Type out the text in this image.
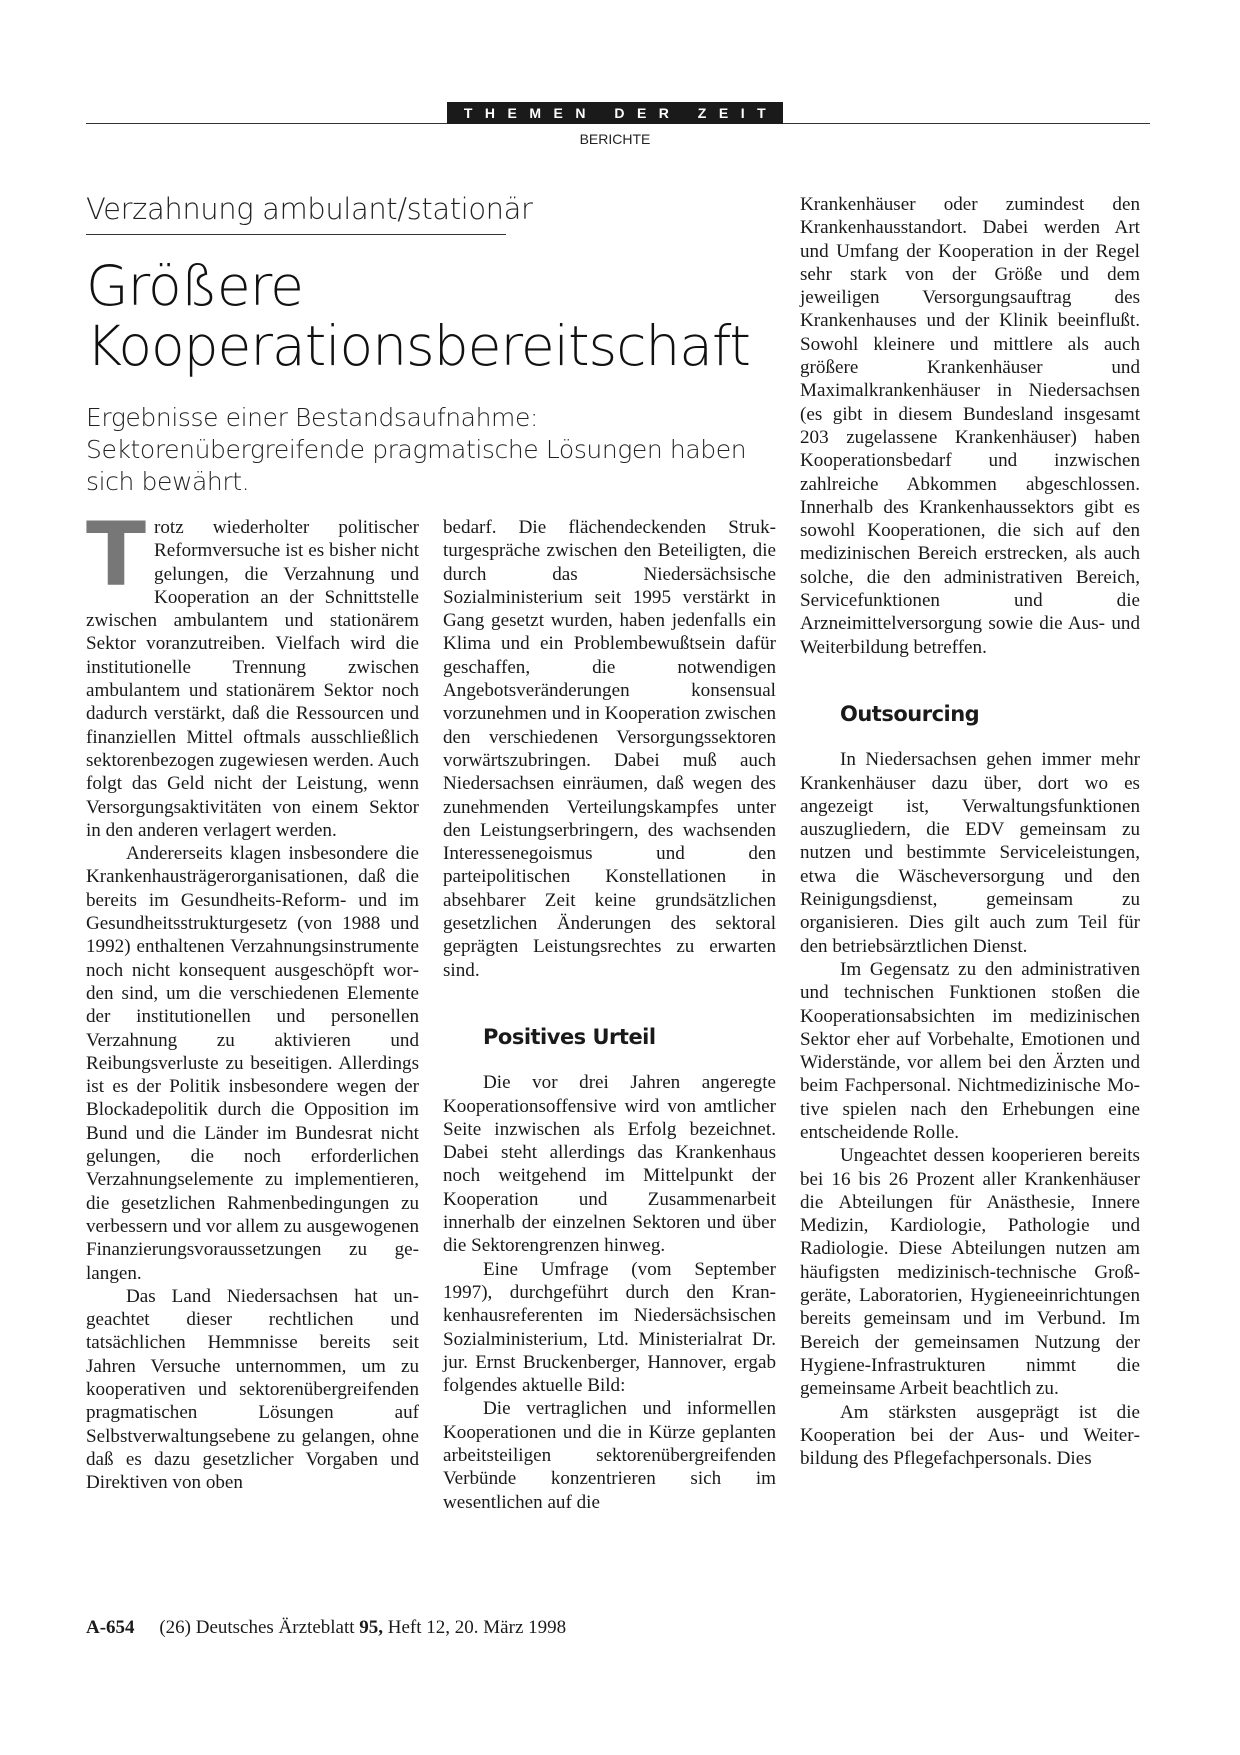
THEMEN DER ZEIT
BERICHTE
Verzahnung ambulant/stationär
Größere
Kooperationsbereitschaft
Ergebnisse einer Bestandsaufnahme: Sektorenübergreifende pragmatische Lösungen haben sich bewährt.

Trotz wiederholter politischer Reformversuche ist es bisher nicht gelungen, die Verzahnung und Kooperation an der Schnittstelle zwischen ambulantem und stationärem Sektor voranzutreiben. Vielfach wird die institutionelle Trennung zwischen ambulantem und stationärem Sektor noch dadurch verstärkt, daß die Ressourcen und finanziellen Mittel oftmals ausschließlich sektorenbezogen zugewiesen werden. Auch folgt das Geld nicht der Leistung, wenn Versorgungsaktivitäten von einem Sektor in den anderen verlagert werden.

Andererseits klagen insbesondere die Krankenhausträgerorganisationen, daß die bereits im Gesundheits-Reform- und im Gesundheitsstrukturgesetz (von 1988 und 1992) enthaltenen Verzahnungsinstrumente noch nicht konsequent ausgeschöpft worden sind, um die verschiedenen Elemente der institutionellen und personellen Verzahnung zu aktivieren und Reibungsverluste zu beseitigen. Allerdings ist es der Politik insbesondere wegen der Blockadepolitik durch die Opposition im Bund und die Länder im Bundesrat nicht gelungen, die noch erforderlichen Verzahnungselemente zu implementieren, die gesetzlichen Rahmenbedingungen zu verbessern und vor allem zu ausgewogenen Finanzierungsvoraussetzungen zu gelangen.

Das Land Niedersachsen hat ungeachtet dieser rechtlichen und tatsächlichen Hemmnisse bereits seit Jahren Versuche unternommen, um zu kooperativen und sektorenübergreifenden pragmatischen Lösungen auf Selbstverwaltungsebene zu gelangen, ohne daß es dazu gesetzlicher Vorgaben und Direktiven von oben

bedarf. Die flächendeckenden Strukturgespräche zwischen den Beteiligten, die durch das Niedersächsische Sozialministerium seit 1995 verstärkt in Gang gesetzt wurden, haben jedenfalls ein Klima und ein Problembewußtsein dafür geschaffen, die notwendigen Angebotsveränderungen konsensual vorzunehmen und in Kooperation zwischen den verschiedenen Versorgungssektoren vorwärtszubringen. Dabei muß auch Niedersachsen einräumen, daß wegen des zunehmenden Verteilungskampfes unter den Leistungserbringern, des wachsenden Interessenegoismus und den parteipolitischen Konstellationen in absehbarer Zeit keine grundsätzlichen gesetzlichen Änderungen des sektoral geprägten Leistungsrechtes zu erwarten sind.

Positives Urteil

Die vor drei Jahren angeregte Kooperationsoffensive wird von amtlicher Seite inzwischen als Erfolg bezeichnet. Dabei steht allerdings das Krankenhaus noch weitgehend im Mittelpunkt der Kooperation und Zusammenarbeit innerhalb der einzelnen Sektoren und über die Sektorengrenzen hinweg.

Eine Umfrage (vom September 1997), durchgeführt durch den Krankenhausreferenten im Niedersächsischen Sozialministerium, Ltd. Ministerialrat Dr. jur. Ernst Bruckenberger, Hannover, ergab folgendes aktuelle Bild:

Die vertraglichen und informellen Kooperationen und die in Kürze geplanten arbeitsteiligen sektorenübergreifenden Verbünde konzentrieren sich im wesentlichen auf die

Krankenhäuser oder zumindest den Krankenhausstandort. Dabei werden Art und Umfang der Kooperation in der Regel sehr stark von der Größe und dem jeweiligen Versorgungsauftrag des Krankenhauses und der Klinik beeinflußt. Sowohl kleinere und mittlere als auch größere Krankenhäuser und Maximalkrankenhäuser in Niedersachsen (es gibt in diesem Bundesland insgesamt 203 zugelassene Krankenhäuser) haben Kooperationsbedarf und inzwischen zahlreiche Abkommen abgeschlossen. Innerhalb des Krankenhaussektors gibt es sowohl Kooperationen, die sich auf den medizinischen Bereich erstrecken, als auch solche, die den administrativen Bereich, Servicefunktionen und die Arzneimittelversorgung sowie die Aus- und Weiterbildung betreffen.

Outsourcing

In Niedersachsen gehen immer mehr Krankenhäuser dazu über, dort wo es angezeigt ist, Verwaltungsfunktionen auszugliedern, die EDV gemeinsam zu nutzen und bestimmte Serviceleistungen, etwa die Wäscheversorgung und den Reinigungsdienst, gemeinsam zu organisieren. Dies gilt auch zum Teil für den betriebsärztlichen Dienst.

Im Gegensatz zu den administrativen und technischen Funktionen stoßen die Kooperationsabsichten im medizinischen Sektor eher auf Vorbehalte, Emotionen und Widerstände, vor allem bei den Ärzten und beim Fachpersonal. Nichtmedizinische Motive spielen nach den Erhebungen eine entscheidende Rolle.

Ungeachtet dessen kooperieren bereits bei 16 bis 26 Prozent aller Krankenhäuser die Abteilungen für Anästhesie, Innere Medizin, Kardiologie, Pathologie und Radiologie. Diese Abteilungen nutzen am häufigsten medizinisch-technische Großgeräte, Laboratorien, Hygieneeinrichtungen bereits gemeinsam und im Verbund. Im Bereich der gemeinsamen Nutzung der Hygiene-Infrastrukturen nimmt die gemeinsame Arbeit beachtlich zu.

Am stärksten ausgeprägt ist die Kooperation bei der Aus- und Weiterbildung des Pflegefachpersonals. Dies

A-654 (26) Deutsches Ärzteblatt 95, Heft 12, 20. März 1998
